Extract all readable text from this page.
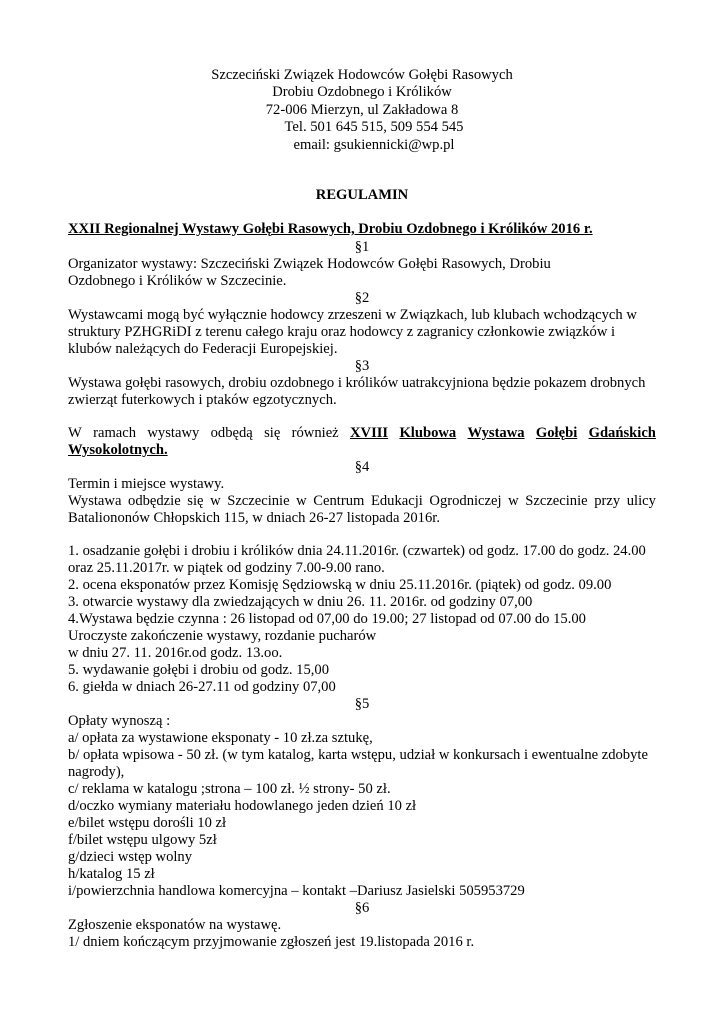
Szczeciński Związek Hodowców Gołębi Rasowych
Drobiu Ozdobnego i Królików
72-006 Mierzyn, ul Zakładowa 8
Tel. 501 645 515, 509 554 545
email: gsukiennicki@wp.pl
REGULAMIN
XXII Regionalnej Wystawy Gołębi Rasowych, Drobiu Ozdobnego i Królików 2016 r.
§1
Organizator wystawy: Szczeciński Związek Hodowców Gołębi Rasowych, Drobiu
Ozdobnego i Królików w Szczecinie.
§2
Wystawcami mogą być wyłącznie hodowcy zrzeszeni w Związkach, lub klubach wchodzących w
struktury PZHGRiDI z terenu całego kraju oraz hodowcy z zagranicy członkowie związków i
klubów należących do Federacji Europejskiej.
§3
Wystawa gołębi rasowych, drobiu ozdobnego i królików uatrakcyjniona będzie pokazem drobnych
zwierząt futerkowych i ptaków egzotycznych.
W ramach wystawy odbędą się również XVIII Klubowa Wystawa Gołębi Gdańskich
Wysokolotnych.
§4
Termin i miejsce wystawy.
Wystawa odbędzie się w Szczecinie w Centrum Edukacji Ogrodniczej w Szczecinie przy ulicy
Bataliononów Chłopskich 115, w dniach 26-27 listopada 2016r.
1. osadzanie gołębi i drobiu i królików dnia 24.11.2016r. (czwartek) od godz. 17.00 do godz. 24.00
oraz 25.11.2017r. w piątek od godziny 7.00-9.00 rano.
2. ocena eksponatów przez Komisję Sędziowską w dniu 25.11.2016r. (piątek) od godz. 09.00
3. otwarcie wystawy dla zwiedzających w dniu 26. 11. 2016r. od godziny 07,00
4.Wystawa będzie czynna : 26 listopad od 07,00 do 19.00; 27 listopad od 07.00 do 15.00
Uroczyste zakończenie wystawy, rozdanie pucharów
w dniu 27. 11. 2016r.od godz. 13.oo.
5. wydawanie gołębi i drobiu od godz. 15,00
6. giełda w dniach 26-27.11 od godziny 07,00
§5
Opłaty wynoszą :
a/ opłata za wystawione eksponaty - 10 zł.za sztukę,
b/ opłata wpisowa - 50 zł. (w tym katalog, karta wstępu, udział w konkursach i ewentualne zdobyte
nagrody),
c/ reklama w katalogu ;strona – 100 zł. ½ strony- 50 zł.
d/oczko wymiany materiału hodowlanego jeden dzień 10 zł
e/bilet wstępu dorośli 10 zł
f/bilet wstępu ulgowy 5zł
g/dzieci wstęp wolny
h/katalog 15 zł
i/powierzchnia handlowa komercyjna – kontakt –Dariusz Jasielski 505953729
§6
Zgłoszenie eksponatów na wystawę.
1/ dniem kończącym przyjmowanie zgłoszeń jest 19.listopada 2016 r.
